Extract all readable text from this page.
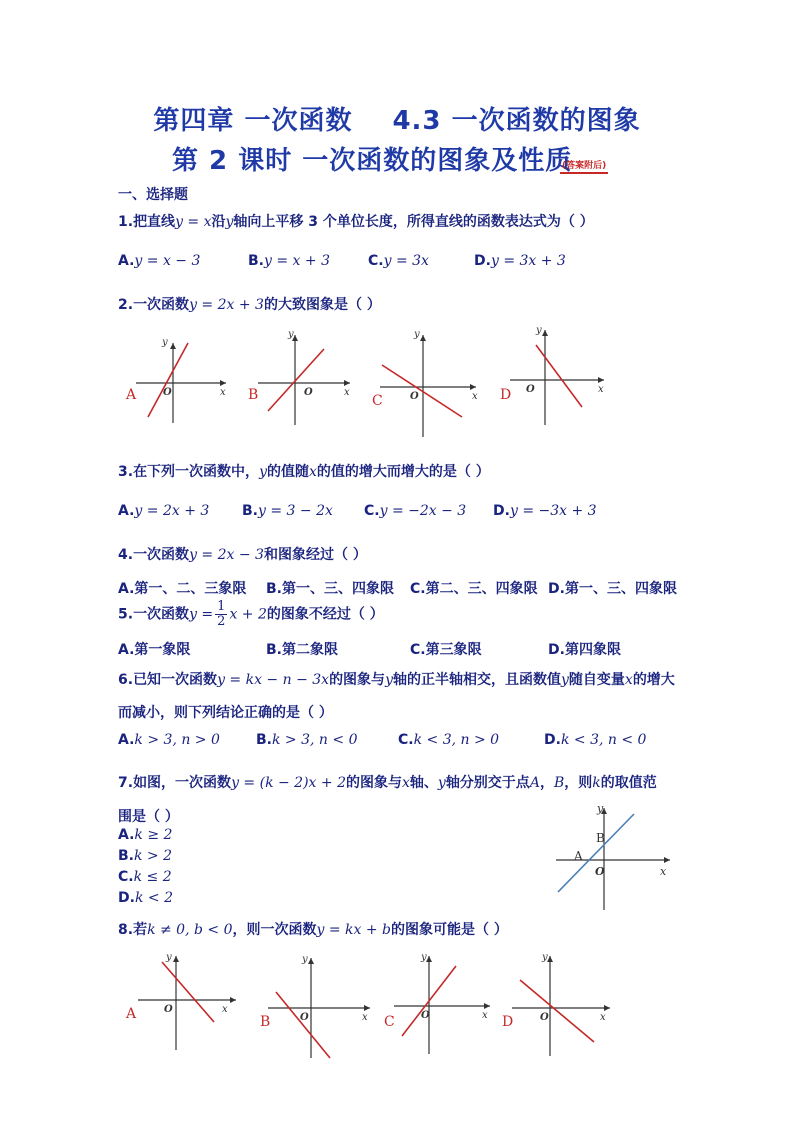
第四章 一次函数 4.3 一次函数的图象
第 2 课时 一次函数的图象及性质
(答案附后)
一、选择题
1.把直线y = x沿y轴向上平移 3 个单位长度，所得直线的函数表达式为（ ）
A.y = x − 3	B.y = x + 3	C.y = 3x	D.y = 3x + 3
2.一次函数y = 2x + 3的大致图象是（ ）
A
y
x
O	B
y
x
O
C
y
x
O	D
y
x
O
3.在下列一次函数中，y的值随x的值的增大而增大的是（ ）
A.y = 2x + 3 B.y = 3 − 2x C.y = −2x − 3 D.y = −3x + 3
4.一次函数y = 2x − 3和图象经过（ ）
A.第一、二、三象限 B.第一、三、四象限 C.第二、三、四象限 D.第一、三、四象限
5.一次函数$y = \frac{1}{2}$ x + 2的图象不经过（ ）
A.第一象限	B.第二象限	C.第三象限	D.第四象限
6.已知一次函数y = kx − n − 3x的图象与y轴的正半轴相交，且函数值y随自变量x的增大
而减小，则下列结论正确的是（ ）
A.k > 3, n > 0	B.k > 3, n < 0	C.k < 3, n > 0	D.k < 3, n < 0
7.如图，一次函数y = (k − 2)x + 2的图象与x轴、y轴分别交于点A，B，则k的取值范
围是（ ）
A.k ≥ 2
B.k > 2
C.k ≤ 2
D.k < 2
y
x
O
A
B
8.若k ≠ 0, b < 0，则一次函数y = kx + b的图象可能是（ ）
A
y
x
O
B
y
x
O	C
y
x
O	D
y
x
O
